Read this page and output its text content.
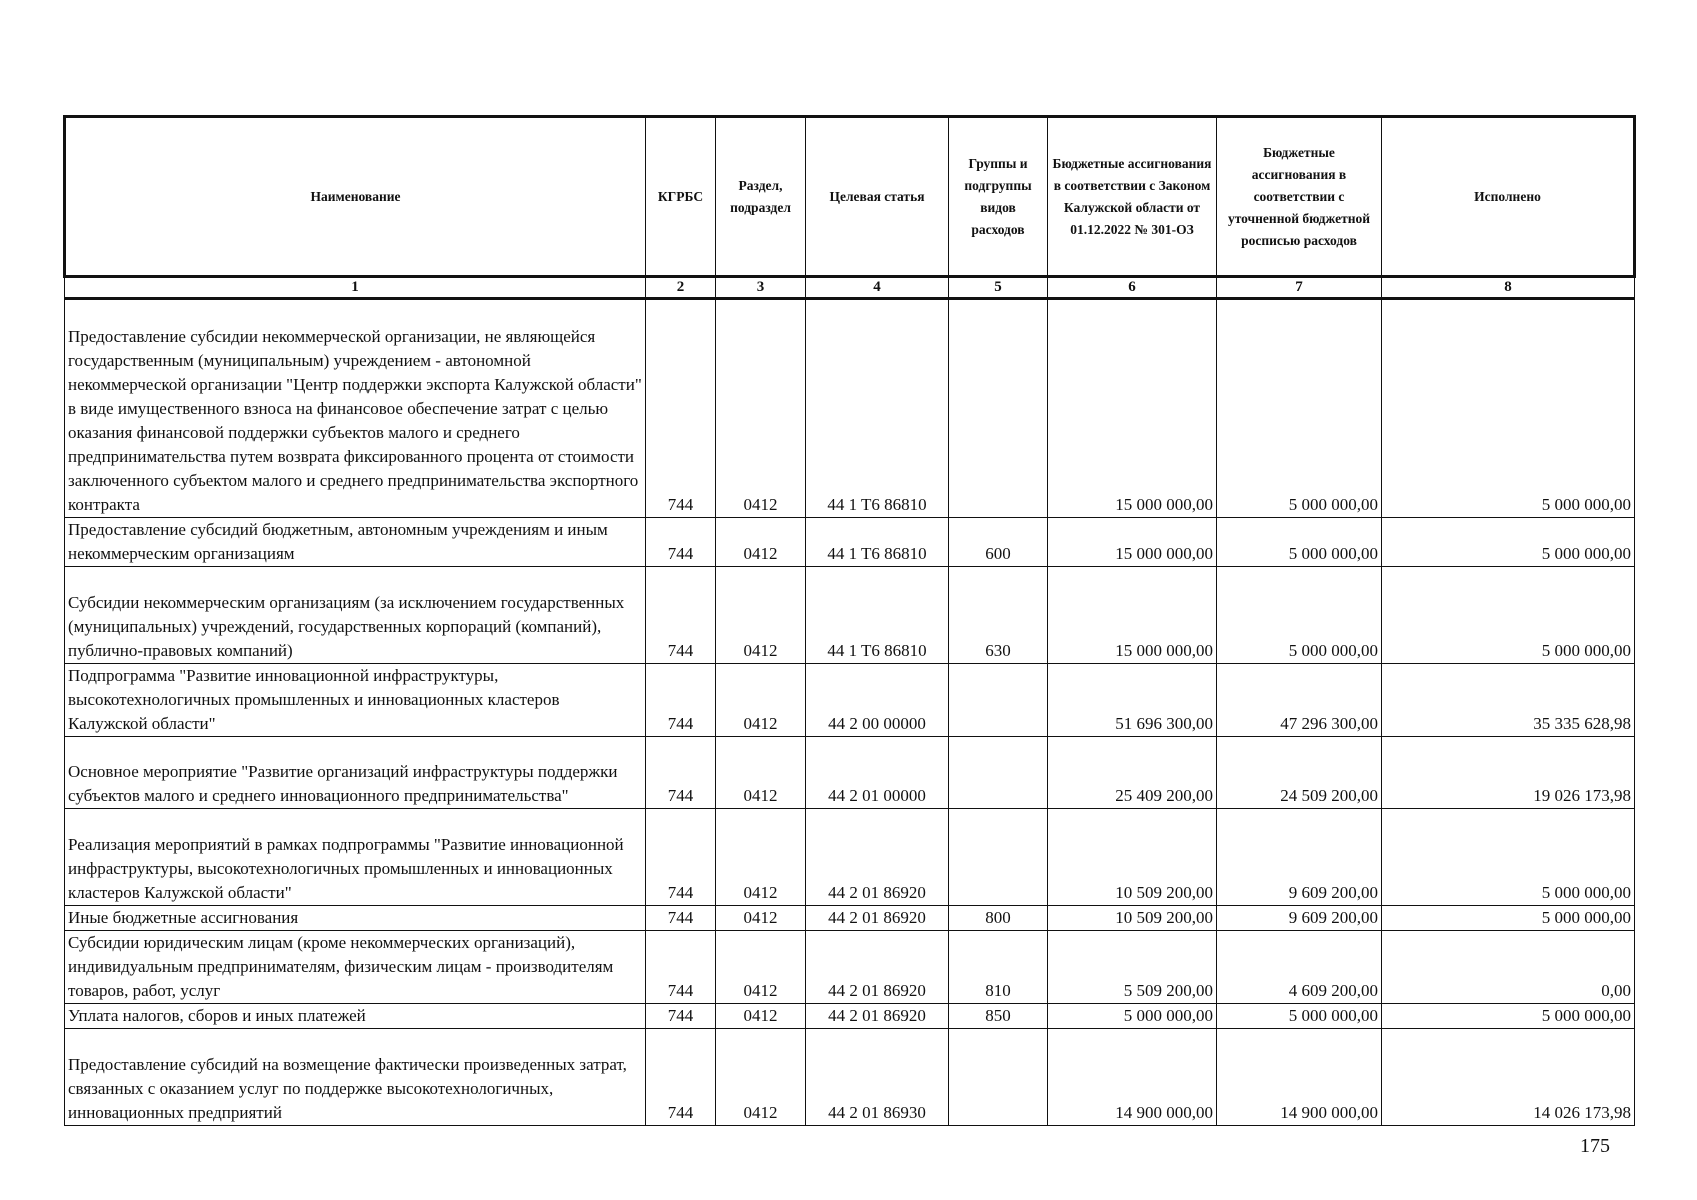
Наименование	КГРБС	Раздел, подраздел	Целевая статья	Группы и подгруппы видов расходов	Бюджетные ассигнования в соответствии с Законом Калужской области от 01.12.2022 № 301-ОЗ	Бюджетные ассигнования в соответствии с уточненной бюджетной росписью расходов	Исполнено
1	2	3	4	5	6	7	8
Предоставление субсидии некоммерческой организации, не являющейся государственным (муниципальным) учреждением - автономной некоммерческой организации "Центр поддержки экспорта Калужской области" в виде имущественного взноса на финансовое обеспечение затрат с целью оказания финансовой поддержки субъектов малого и среднего предпринимательства путем возврата фиксированного процента от стоимости заключенного субъектом малого и среднего предпринимательства экспортного контракта	744	0412	44 1 T6 86810		15 000 000,00	5 000 000,00	5 000 000,00
Предоставление субсидий бюджетным, автономным учреждениям и иным некоммерческим организациям	744	0412	44 1 T6 86810	600	15 000 000,00	5 000 000,00	5 000 000,00
Субсидии некоммерческим организациям (за исключением государственных (муниципальных) учреждений, государственных корпораций (компаний), публично-правовых компаний)	744	0412	44 1 T6 86810	630	15 000 000,00	5 000 000,00	5 000 000,00
Подпрограмма "Развитие инновационной инфраструктуры, высокотехнологичных промышленных и инновационных кластеров Калужской области"	744	0412	44 2 00 00000		51 696 300,00	47 296 300,00	35 335 628,98
Основное мероприятие "Развитие организаций инфраструктуры поддержки субъектов малого и среднего инновационного предпринимательства"	744	0412	44 2 01 00000		25 409 200,00	24 509 200,00	19 026 173,98
Реализация мероприятий в рамках подпрограммы "Развитие инновационной инфраструктуры, высокотехнологичных промышленных и инновационных кластеров Калужской области"	744	0412	44 2 01 86920		10 509 200,00	9 609 200,00	5 000 000,00
Иные бюджетные ассигнования	744	0412	44 2 01 86920	800	10 509 200,00	9 609 200,00	5 000 000,00
Субсидии юридическим лицам (кроме некоммерческих организаций), индивидуальным предпринимателям, физическим лицам - производителям товаров, работ, услуг	744	0412	44 2 01 86920	810	5 509 200,00	4 609 200,00	0,00
Уплата налогов, сборов и иных платежей	744	0412	44 2 01 86920	850	5 000 000,00	5 000 000,00	5 000 000,00
Предоставление субсидий на возмещение фактически произведенных затрат, связанных с оказанием услуг по поддержке высокотехнологичных, инновационных предприятий	744	0412	44 2 01 86930		14 900 000,00	14 900 000,00	14 026 173,98
175
